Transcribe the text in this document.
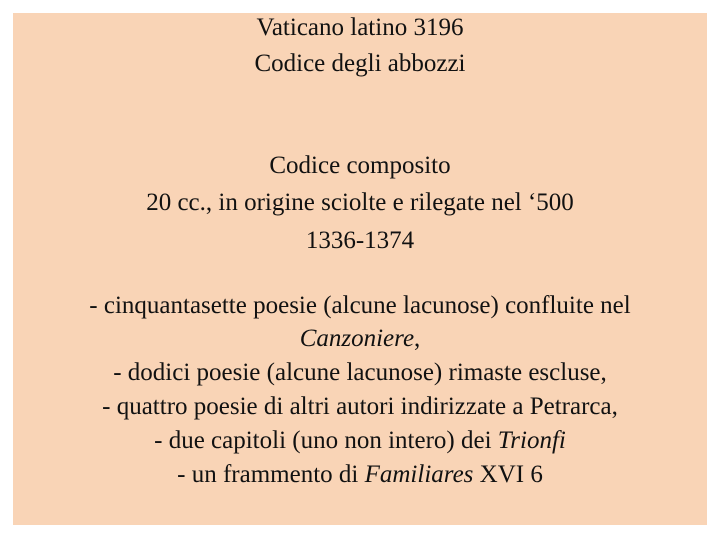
Vaticano latino 3196
Codice degli abbozzi
Codice composito
20 cc., in origine sciolte e rilegate nel ‘500
1336-1374
- cinquantasette poesie (alcune lacunose) confluite nel
Canzoniere,
- dodici poesie (alcune lacunose) rimaste escluse,
- quattro poesie di altri autori indirizzate a Petrarca,
- due capitoli (uno non intero) dei Trionfi
- un frammento di Familiares XVI 6
